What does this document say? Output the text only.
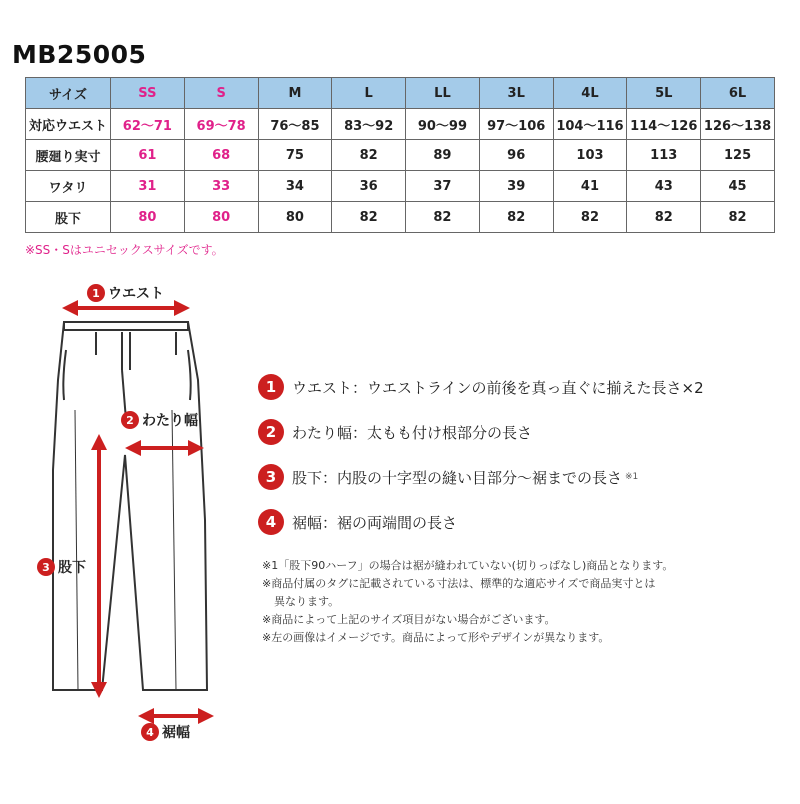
MB25005
サイズ	SS	S	M	L	LL	3L	4L	5L	6L
対応ウエスト	62〜71	69〜78	76〜85	83〜92	90〜99	97〜106	104〜116	114〜126	126〜138
腰廻り実寸	61	68	75	82	89	96	103	113	125
ワタリ	31	33	34	36	37	39	41	43	45
股下	80	80	80	82	82	82	82	82	82
※SS・Sはユニセックスサイズです。
1 ウエスト
2 わたり幅
3 股下
4 裾幅
1	ウエスト：ウエストラインの前後を真っ直ぐに揃えた長さ×2
2	わたり幅：太もも付け根部分の長さ
3	股下：内股の十字型の縫い目部分〜裾までの長さ ※1
4	裾幅：裾の両端間の長さ
※1「股下90ハーフ」の場合は裾が縫われていない(切りっぱなし)商品となります。
※商品付属のタグに記載されている寸法は、標準的な適応サイズで商品実寸とは
異なります。
※商品によって上記のサイズ項目がない場合がございます。
※左の画像はイメージです。商品によって形やデザインが異なります。
